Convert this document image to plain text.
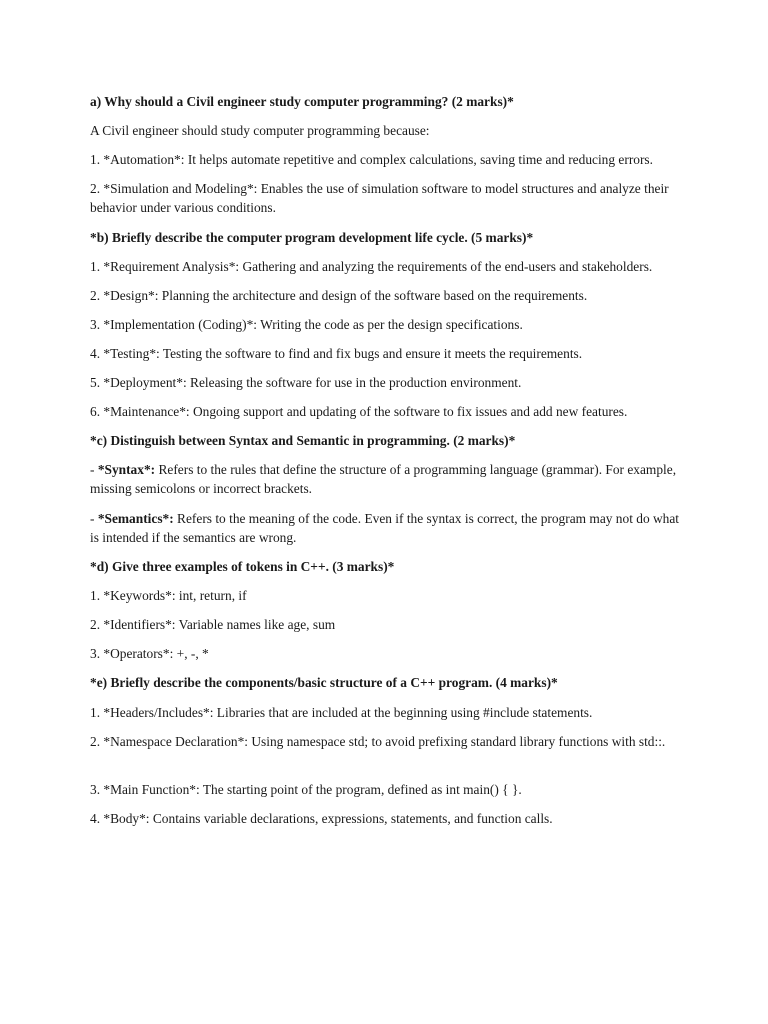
a) Why should a Civil engineer study computer programming? (2 marks)*

A Civil engineer should study computer programming because:

1. *Automation*: It helps automate repetitive and complex calculations, saving time and reducing errors.

2. *Simulation and Modeling*: Enables the use of simulation software to model structures and analyze their behavior under various conditions.

*b) Briefly describe the computer program development life cycle. (5 marks)*

1. *Requirement Analysis*: Gathering and analyzing the requirements of the end-users and stakeholders.

2. *Design*: Planning the architecture and design of the software based on the requirements.

3. *Implementation (Coding)*: Writing the code as per the design specifications.

4. *Testing*: Testing the software to find and fix bugs and ensure it meets the requirements.

5. *Deployment*: Releasing the software for use in the production environment.

6. *Maintenance*: Ongoing support and updating of the software to fix issues and add new features.

*c) Distinguish between Syntax and Semantic in programming. (2 marks)*

- *Syntax*: Refers to the rules that define the structure of a programming language (grammar). For example, missing semicolons or incorrect brackets.

- *Semantics*: Refers to the meaning of the code. Even if the syntax is correct, the program may not do what is intended if the semantics are wrong.

*d) Give three examples of tokens in C++. (3 marks)*

1. *Keywords*: int, return, if

2. *Identifiers*: Variable names like age, sum

3. *Operators*: +, -, *

*e) Briefly describe the components/basic structure of a C++ program. (4 marks)*

1. *Headers/Includes*: Libraries that are included at the beginning using #include statements.

2. *Namespace Declaration*: Using namespace std; to avoid prefixing standard library functions with std::.

3. *Main Function*: The starting point of the program, defined as int main() { }.

4. *Body*: Contains variable declarations, expressions, statements, and function calls.
